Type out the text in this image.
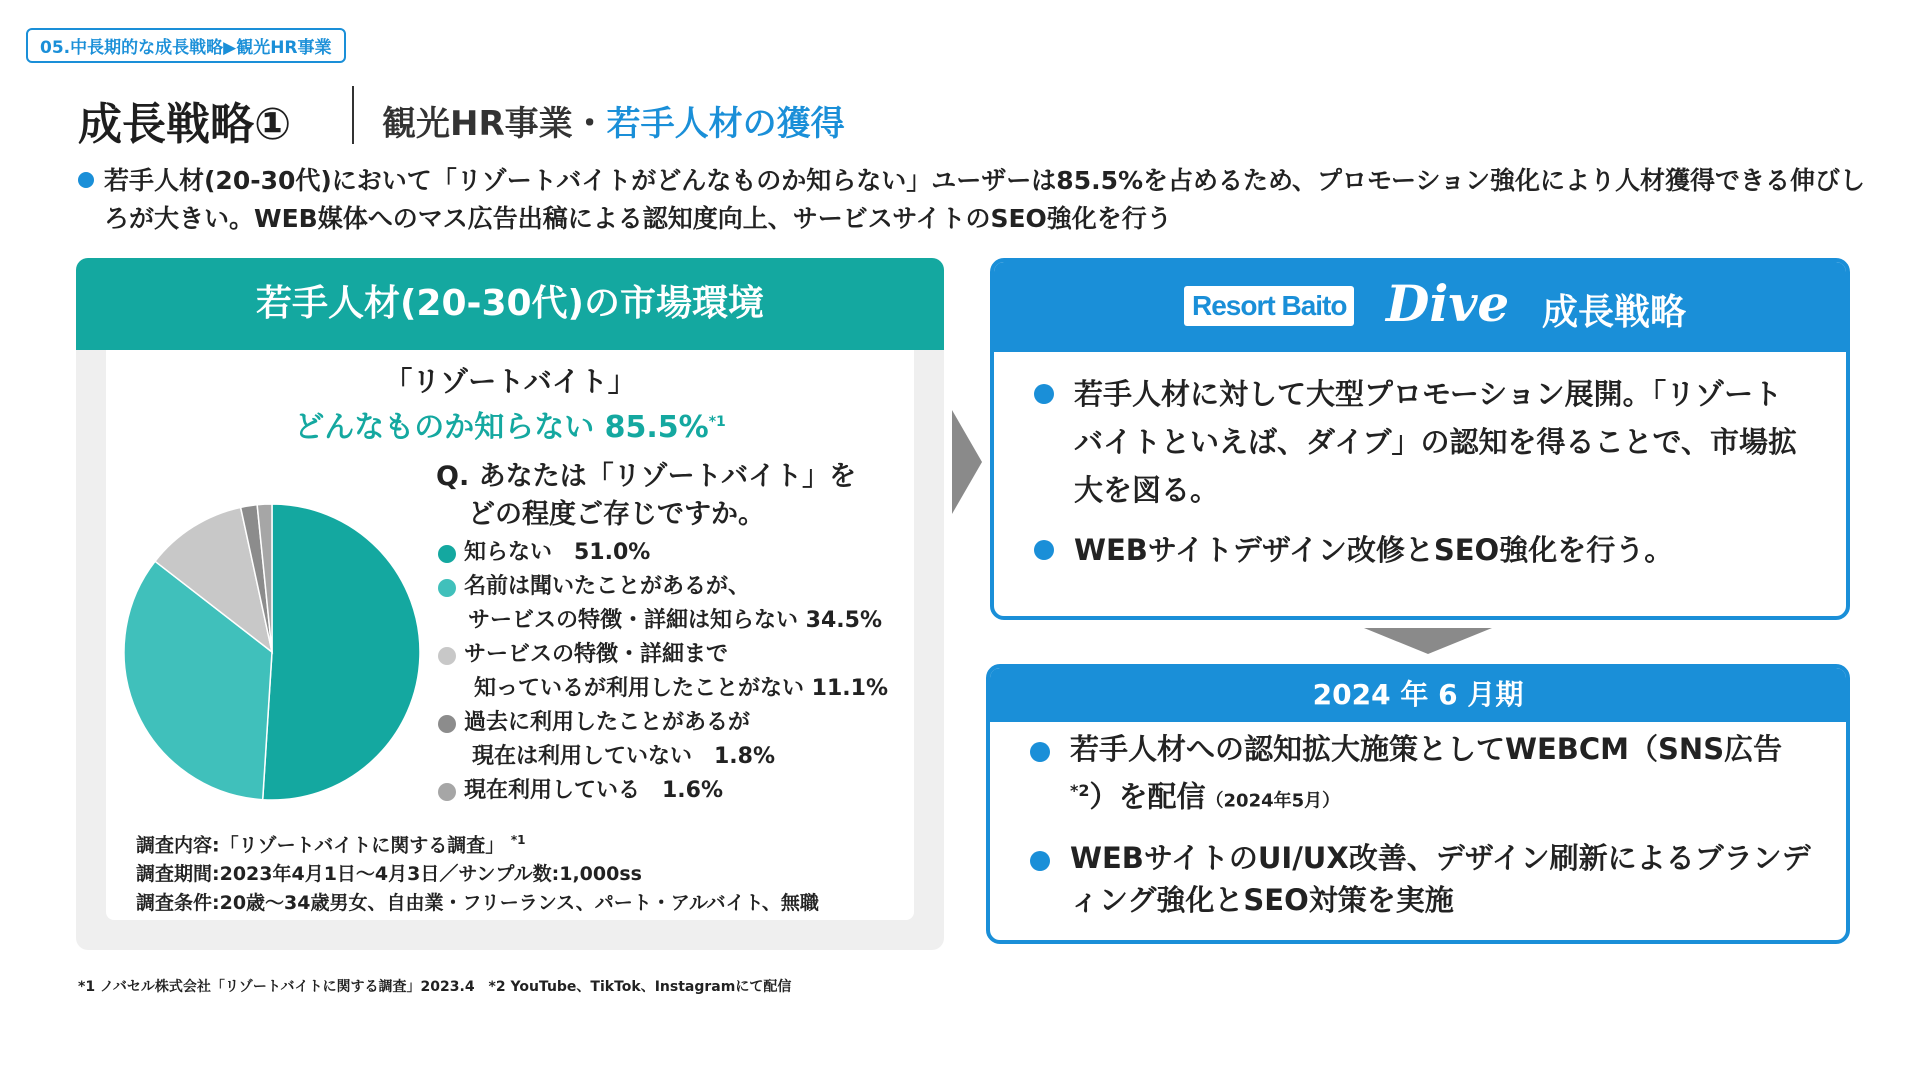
05.中長期的な成長戦略▶観光HR事業
成長戦略①	観光HR事業・若手人材の獲得
若手人材(20-30代)において「リゾートバイトがどんなものか知らない」ユーザーは85.5%を占めるため、プロモーション強化により人材獲得できる伸びしろが大きい。WEB媒体へのマス広告出稿による認知度向上、サービスサイトのSEO強化を行う
若手人材(20-30代)の市場環境
「リゾートバイト」
どんなものか知らない 85.5%$^{*1}$
Q. あなたは「リゾートバイト」を
どの程度ご存じですか。
知らない　51.0%
名前は聞いたことがあるが、
サービスの特徴・詳細は知らない 34.5%
サービスの特徴・詳細まで
知っているが利用したことがない 11.1%
過去に利用したことがあるが
現在は利用していない　1.8%
現在利用している　1.6%
調査内容:「リゾートバイトに関する調査」 $^{*1}$
調査期間:2023年4月1日～4月3日／サンプル数:1,000ss
調査条件:20歳～34歳男女、自由業・フリーランス、パート・アルバイト、無職
Resort Baito Dive 成長戦略
若手人材に対して大型プロモーション展開。「リゾートバイトといえば、ダイブ」の認知を得ることで、市場拡大を図る。
WEBサイトデザイン改修とSEO強化を行う。
2024 年 6 月期
若手人材への認知拡大施策としてWEBCM（SNS広告$^{*2}$）を配信（2024年5月）
WEBサイトのUI/UX改善、デザイン刷新によるブランディング強化とSEO対策を実施
*1 ノバセル株式会社「リゾートバイトに関する調査」2023.4　*2 YouTube、TikTok、Instagramにて配信
